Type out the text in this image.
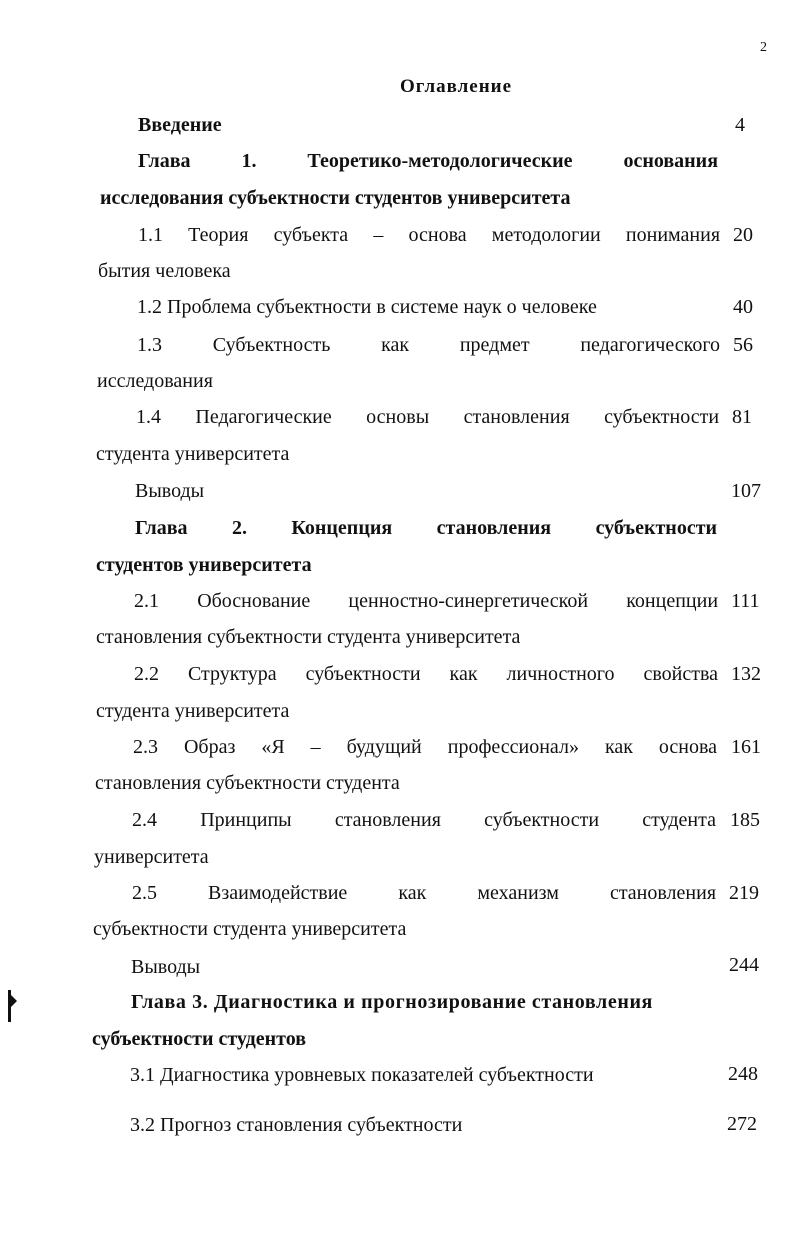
2
Оглавление
Введение	4
Глава	1.	Теоретико-методологические	основания
исследования субъектности студентов университета
1.1 Теория субъекта – основа методологии понимания 20
бытия человека
1.2 Проблема субъектности в системе наук о человеке	40
1.3	Субъектность	как	предмет	педагогического 56
исследования
1.4 Педагогические основы становления субъектности 81
студента университета
Выводы	107
Глава 2. Концепция становления субъектности
студентов университета
2.1 Обоснование ценностно-синергетической концепции 111
становления субъектности студента университета
2.2 Структура субъектности как личностного свойства 132
студента университета
2.3 Образ «Я – будущий профессионал» как основа 161
становления субъектности студента
2.4 Принципы становления субъектности студента 185
университета
2.5	Взаимодействие	как	механизм	становления 219
субъектности студента университета
Выводы	244
Глава 3. Диагностика и прогнозирование становления
субъектности студентов
3.1 Диагностика уровневых показателей субъектности	248
3.2 Прогноз становления субъектности	272
